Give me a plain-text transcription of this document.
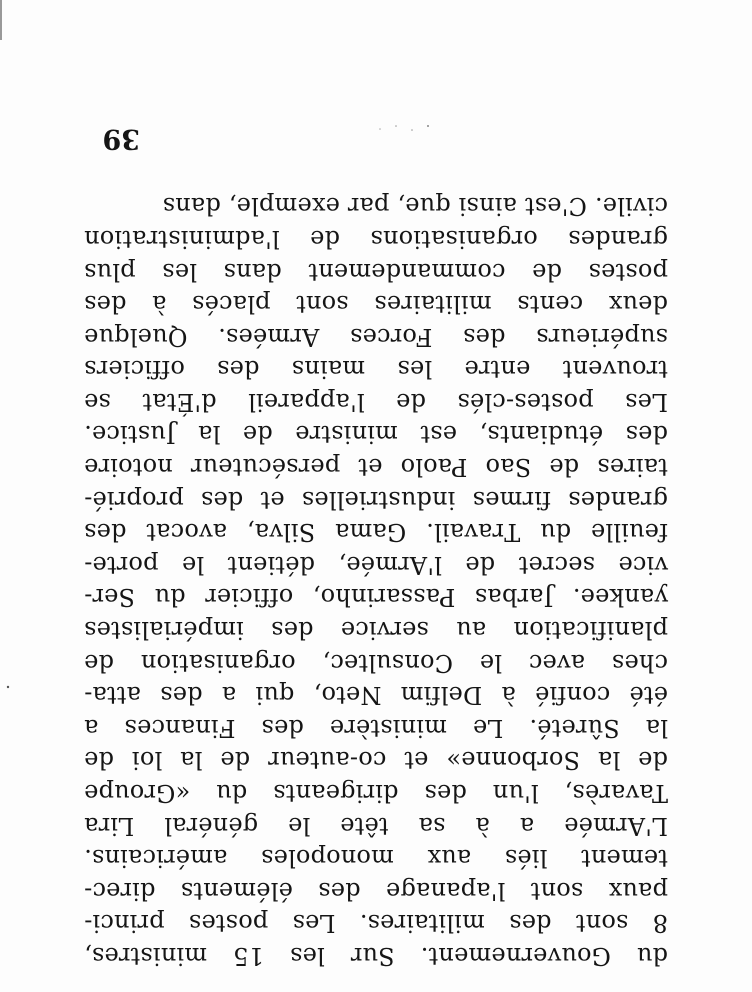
du Gouvernement. Sur les 15 ministres,
8 sont des militaires. Les postes princi-
paux sont l'apanage des éléments direc-
tement liés aux monopoles américains.
L'Armée a à sa tête le général Lira
Tavarès, l'un des dirigeants du «Groupe
de la Sorbonne» et co-auteur de la loi de
la Sûreté. Le ministère des Finances a
été confié à Delfim Neto, qui a des atta-
ches avec le Consultec, organisation de
planification au service des impérialistes
yankee. Jarbas Passarinho, officier du Ser-
vice secret de l'Armée, détient le porte-
feuille du Travail. Gama Silva, avocat des
grandes firmes industrielles et des proprié-
taires de Sao Paolo et persécuteur notoire
des étudiants, est ministre de la Justice.
Les postes-clés de l'appareil d'État se
trouvent entre les mains des officiers
supérieurs des Forces Armées. Quelque
deux cents militaires sont placés à des
postes de commandement dans les plus
grandes organisations de l'administration
civile. C'est ainsi que, par exemple, dans
39
